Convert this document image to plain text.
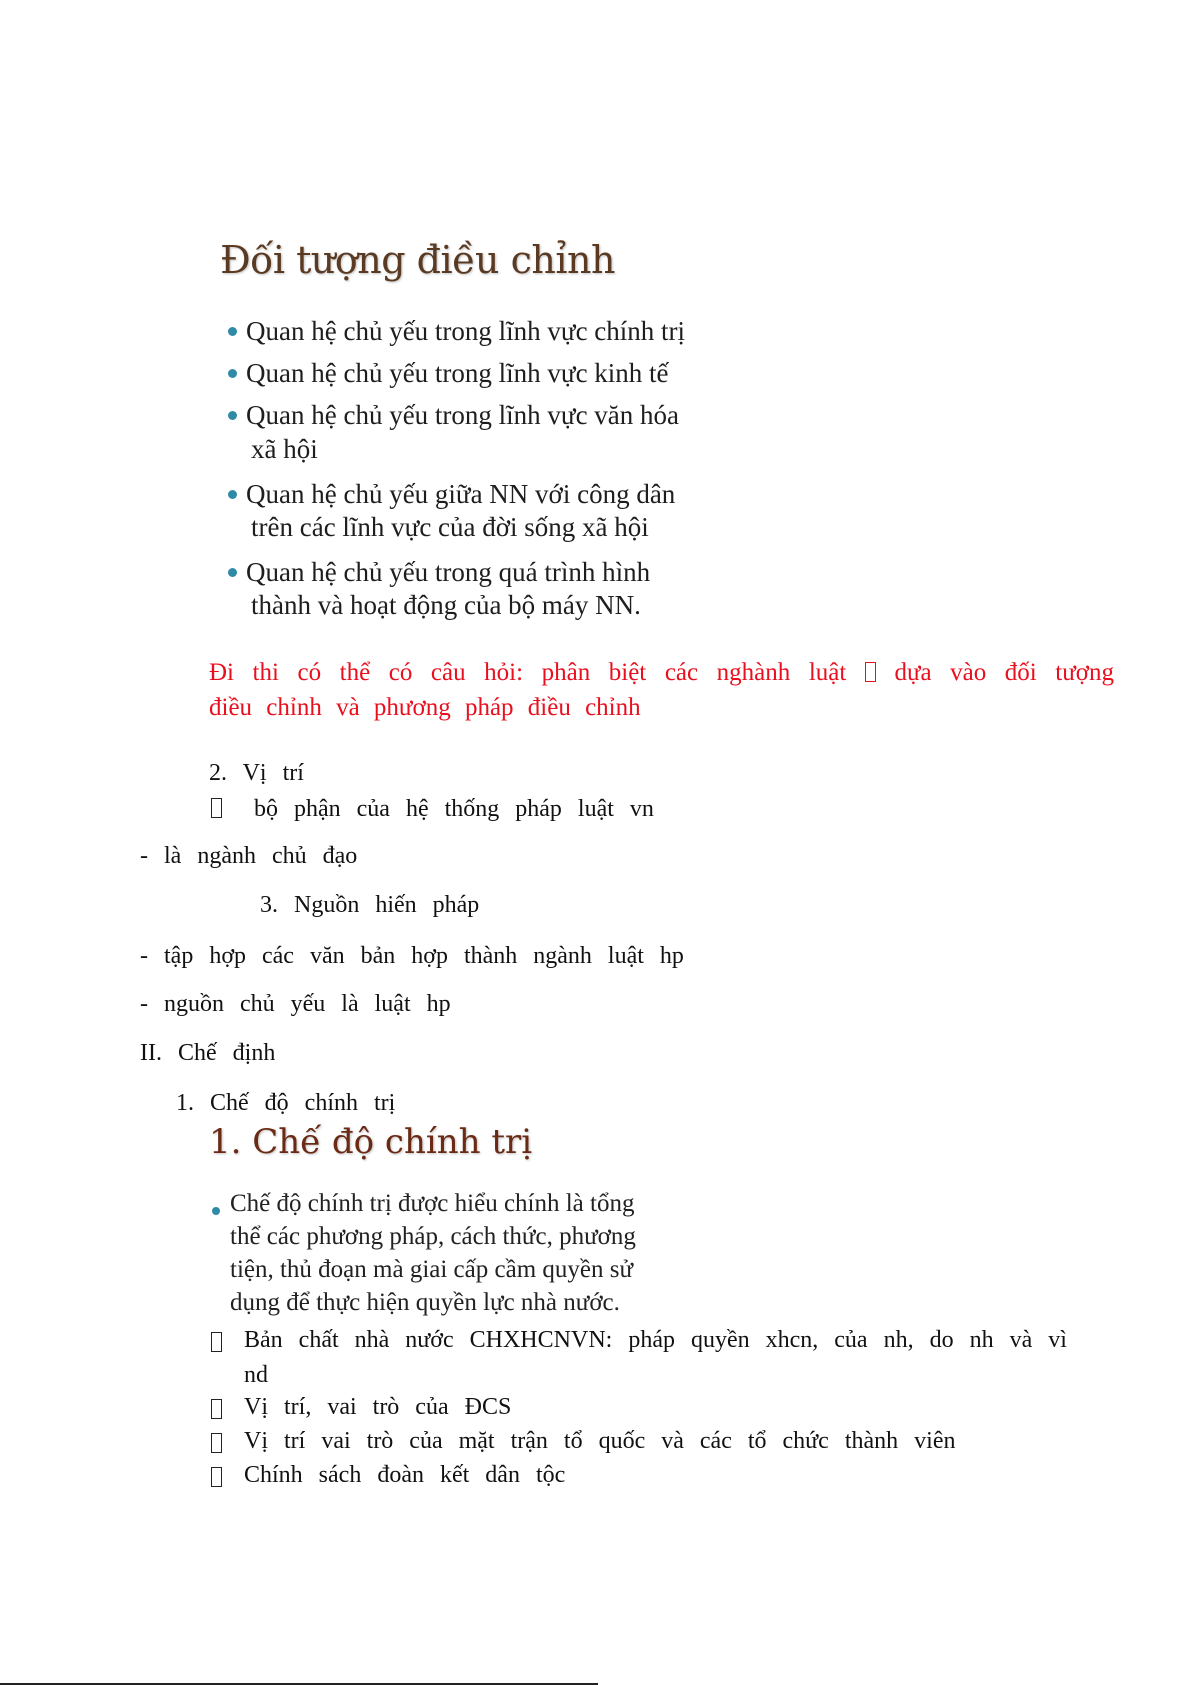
Đối tượng điều chỉnh
Quan hệ chủ yếu trong lĩnh vực chính trị
Quan hệ chủ yếu trong lĩnh vực kinh tế
Quan hệ chủ yếu trong lĩnh vực văn hóa
xã hội
Quan hệ chủ yếu giữa NN với công dân
trên các lĩnh vực của đời sống xã hội
Quan hệ chủ yếu trong quá trình hình
thành và hoạt động của bộ máy NN.
Đi thi có thể có câu hỏi: phân biệt các nghành luật dựa vào đối tượng
điều chỉnh và phương pháp điều chỉnh
2. Vị trí
bộ phận của hệ thống pháp luật vn
- là ngành chủ đạo
3. Nguồn hiến pháp
- tập hợp các văn bản hợp thành ngành luật hp
- nguồn chủ yếu là luật hp
II. Chế định
1. Chế độ chính trị
1. Chế độ chính trị
Chế độ chính trị được hiểu chính là tổng
thể các phương pháp, cách thức, phương
tiện, thủ đoạn mà giai cấp cầm quyền sử
dụng để thực hiện quyền lực nhà nước.
Bản chất nhà nước CHXHCNVN: pháp quyền xhcn, của nh, do nh và vì
nd
Vị trí, vai trò của ĐCS
Vị trí vai trò của mặt trận tổ quốc và các tổ chức thành viên
Chính sách đoàn kết dân tộc
